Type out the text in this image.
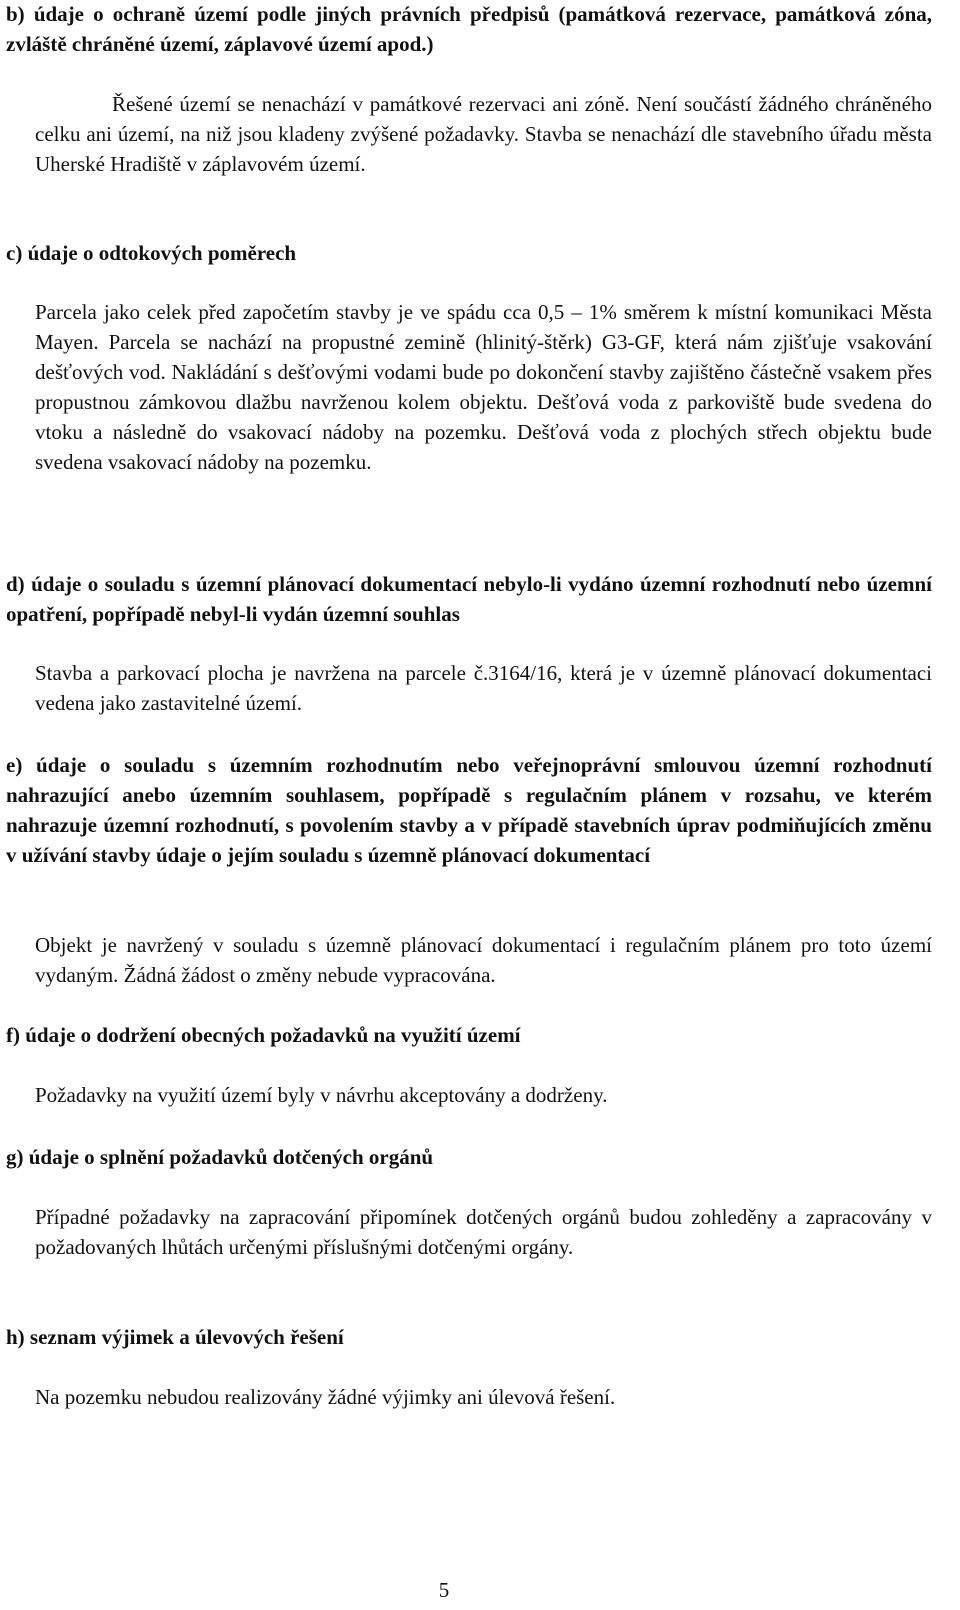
b) údaje o ochraně území podle jiných právních předpisů (památková rezervace, památková zóna, zvláště chráněné území, záplavové území apod.)
Řešené území se nenachází v památkové rezervaci ani zóně. Není součástí žádného chráněného celku ani území, na niž jsou kladeny zvýšené požadavky. Stavba se nenachází dle stavebního úřadu města Uherské Hradiště v záplavovém území.
c) údaje o odtokových poměrech
Parcela jako celek před započetím stavby je ve spádu cca 0,5 – 1% směrem k místní komunikaci Města Mayen. Parcela se nachází na propustné zemině (hlinitý-štěrk) G3-GF, která nám zjišťuje vsakování dešťových vod. Nakládání s dešťovými vodami bude po dokončení stavby zajištěno částečně vsakem přes propustnou zámkovou dlažbu navrženou kolem objektu. Dešťová voda z parkoviště bude svedena do vtoku a následně do vsakovací nádoby na pozemku. Dešťová voda z plochých střech objektu bude svedena vsakovací nádoby na pozemku.
d) údaje o souladu s územní plánovací dokumentací nebylo-li vydáno územní rozhodnutí nebo územní opatření, popřípadě nebyl-li vydán územní souhlas
Stavba a parkovací plocha je navržena na parcele č.3164/16, která je v územně plánovací dokumentaci vedena jako zastavitelné území.
e) údaje o souladu s územním rozhodnutím nebo veřejnoprávní smlouvou územní rozhodnutí nahrazující anebo územním souhlasem, popřípadě s regulačním plánem v rozsahu, ve kterém nahrazuje územní rozhodnutí, s povolením stavby a v případě stavebních úprav podmiňujících změnu v užívání stavby údaje o jejím souladu s územně plánovací dokumentací
Objekt je navržený v souladu s územně plánovací dokumentací i regulačním plánem pro toto území vydaným. Žádná žádost o změny nebude vypracována.
f) údaje o dodržení obecných požadavků na využití území
Požadavky na využití území byly v návrhu akceptovány a dodrženy.
g) údaje o splnění požadavků dotčených orgánů
Případné požadavky na zapracování připomínek dotčených orgánů budou zohleděny a zapracovány v požadovaných lhůtách určenými příslušnými dotčenými orgány.
h) seznam výjimek a úlevových řešení
Na pozemku nebudou realizovány žádné výjimky ani úlevová řešení.
5
